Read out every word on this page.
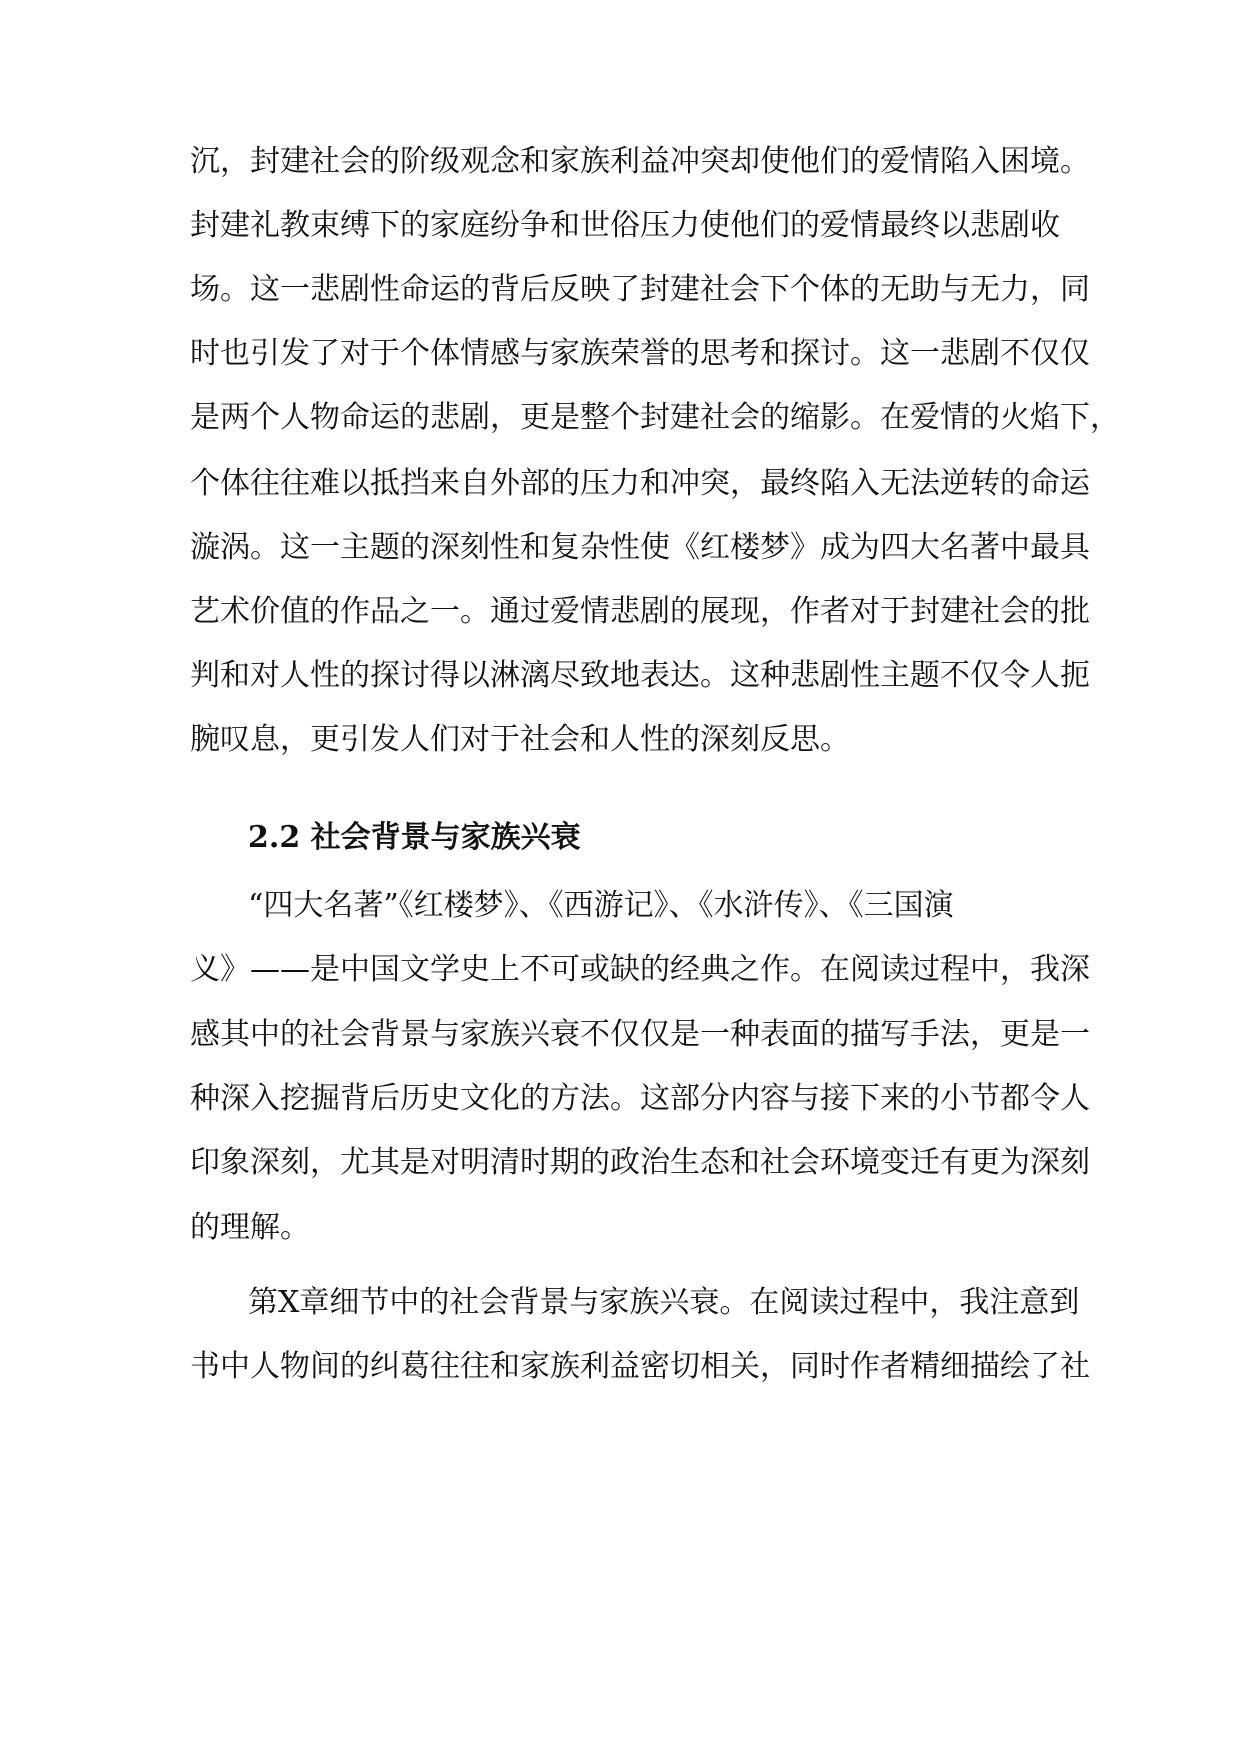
沉，封建社会的阶级观念和家族利益冲突却使他们的爱情陷入困境。
封建礼教束缚下的家庭纷争和世俗压力使他们的爱情最终以悲剧收
场。这一悲剧性命运的背后反映了封建社会下个体的无助与无力，同
时也引发了对于个体情感与家族荣誉的思考和探讨。这一悲剧不仅仅
是两个人物命运的悲剧，更是整个封建社会的缩影。在爱情的火焰下，
个体往往难以抵挡来自外部的压力和冲突，最终陷入无法逆转的命运
漩涡。这一主题的深刻性和复杂性使《红楼梦》成为四大名著中最具
艺术价值的作品之一。通过爱情悲剧的展现，作者对于封建社会的批
判和对人性的探讨得以淋漓尽致地表达。这种悲剧性主题不仅令人扼
腕叹息，更引发人们对于社会和人性的深刻反思。
2.2 社会背景与家族兴衰
“四大名著”《红楼梦》、《西游记》、《水浒传》、《三国演
义》——是中国文学史上不可或缺的经典之作。在阅读过程中，我深
感其中的社会背景与家族兴衰不仅仅是一种表面的描写手法，更是一
种深入挖掘背后历史文化的方法。这部分内容与接下来的小节都令人
印象深刻，尤其是对明清时期的政治生态和社会环境变迁有更为深刻
的理解。
第Ⅹ章细节中的社会背景与家族兴衰。在阅读过程中，我注意到
书中人物间的纠葛往往和家族利益密切相关，同时作者精细描绘了社
